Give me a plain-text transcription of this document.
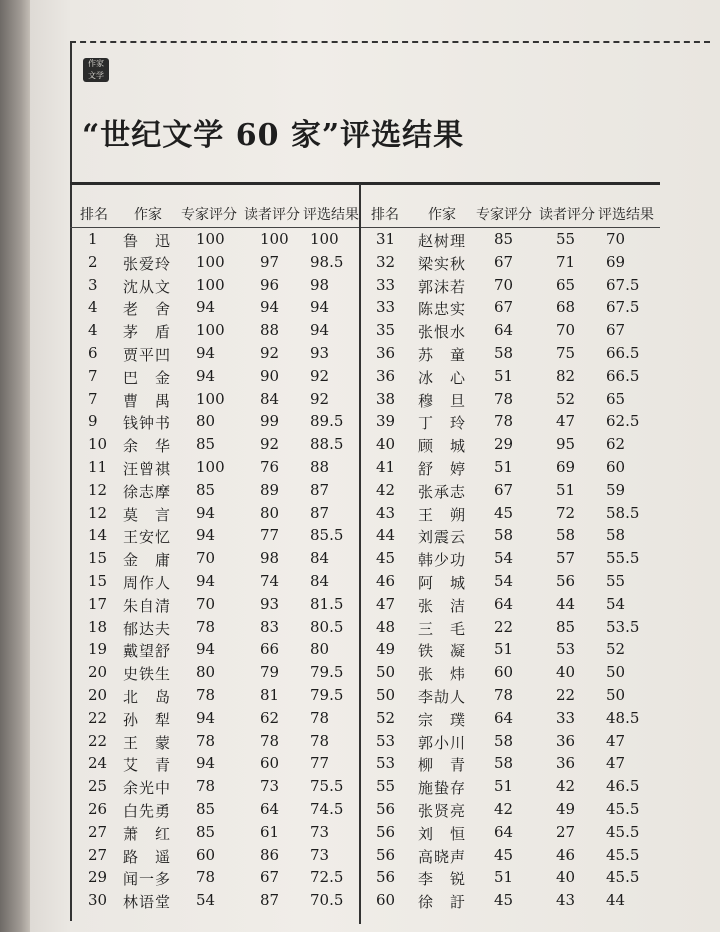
作家
文学
“世纪文学 60 家”评选结果
排名 作家 专家评分 读者评分 评选结果 排名 作家 专家评分 读者评分 评选结果
1 鲁　迅 100 100 100
2 张爱玲 100 97 98.5
3 沈从文 100 96 98
4 老　舍 94	94 94
4 茅　盾 100 88 94
6 贾平凹 94	92 93
7 巴　金 94	90 92
7 曹　禺 100 84 92
9 钱钟书 80	99 89.5
10 余　华 85	92 88.5
11 汪曾祺 100 76 88
12 徐志摩 85	89 87
12 莫　言 94	80 87
14 王安忆 94	77 85.5
15 金　庸 70	98 84
15 周作人 94	74 84
17 朱自清 70	93 81.5
18 郁达夫 78	83 80.5
19 戴望舒 94	66 80
20 史铁生 80	79 79.5
20 北　岛 78	81 79.5
22 孙　犁 94	62 78
22 王　蒙 78	78 78
24 艾　青 94	60 77
25 余光中 78	73 75.5
26 白先勇 85	64 74.5
27 萧　红 85	61 73
27 路　遥 60	86 73
29 闻一多 78	67 72.5
30 林语堂 54	87 70.5
31 赵树理 85	55 70
32 梁实秋 67	71 69
33 郭沫若 70	65 67.5
33 陈忠实 67	68 67.5
35 张恨水 64	70 67
36 苏　童 58	75 66.5
36 冰　心 51	82 66.5
38 穆　旦 78	52 65
39 丁　玲 78	47 62.5
40 顾　城 29	95 62
41 舒　婷 51	69 60
42 张承志 67	51 59
43 王　朔 45	72 58.5
44 刘震云 58	58 58
45 韩少功 54	57 55.5
46 阿　城 54	56 55
47 张　洁 64	44 54
48 三　毛 22	85 53.5
49 铁　凝 51	53 52
50 张　炜 60	40 50
50 李劼人 78	22 50
52 宗　璞 64	33 48.5
53 郭小川 58	36 47
53 柳　青 58	36 47
55 施蛰存 51	42 46.5
56 张贤亮 42	49 45.5
56 刘　恒 64	27 45.5
56 高晓声 45	46 45.5
56 李　锐 51	40 45.5
60 徐　訏 45	43 44
